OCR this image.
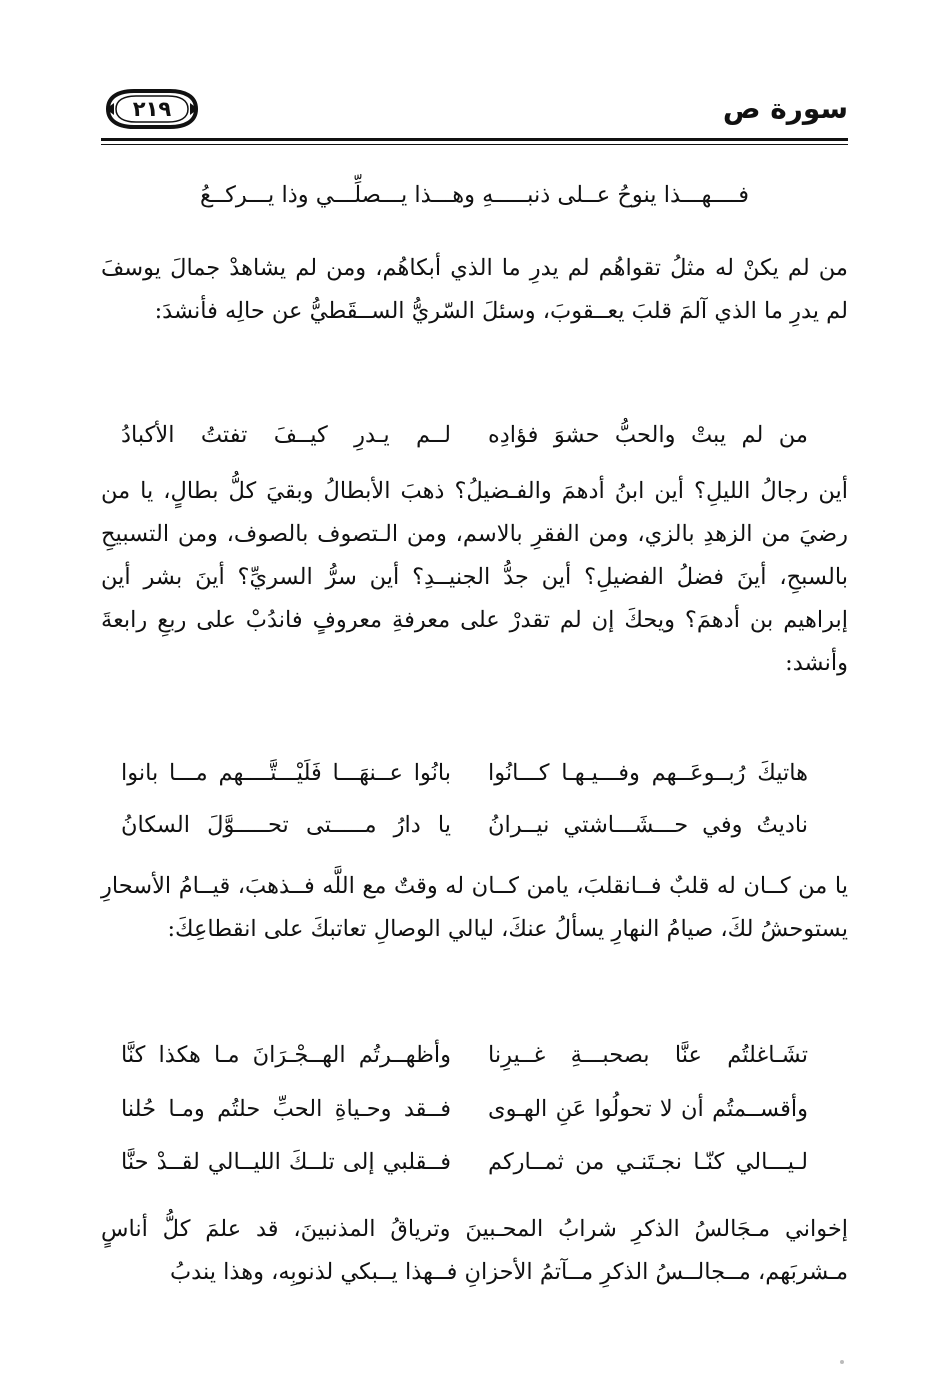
سورة ص
٢١٩
فــــهـــذا ينوحُ عــلى ذنبـــــهِ وهـــذا يـــصلِّـــي وذا يـــركــعُ
من لم يكنْ له مثلُ تقواهُم لم يدرِ ما الذي أبكاهُم، ومن لم يشاهدْ جمالَ يوسفَ لم يدرِ ما الذي آلمَ قلبَ يعــقوبَ، وسئلَ السّريُّ الســقَطيُّ عن حالِه فأنشدَ:
من لم يبتْ والحبُّ حشوَ فؤادِه
لــم يـدرِ كيــفَ تفتتُ الأكبادُ
أين رجالُ الليلِ؟ أين ابنُ أدهمَ والفـضيلُ؟ ذهبَ الأبطالُ وبقيَ كلُّ بطالٍ، يا من رضيَ من الزهدِ بالزي، ومن الفقرِ بالاسم، ومن الـتصوف بالصوف، ومن التسبيحِ بالسبحِ، أينَ فضلُ الفضيلِ؟ أين جدُّ الجنيــدِ؟ أين سرُّ السريِّ؟ أينَ بشر أين إبراهيم بن أدهمَ؟ ويحكَ إن لم تقدرْ على معرفةِ معروفٍ فاندُبْ على ربعِ رابعةَ وأنشد:
هاتيكَ رُبــوعَــهم وفـــيـهـا كـــانُوا
بانُوا عــنهَـــا فَلَيْـــتَّــــهم مـــا بانوا
ناديتُ وفي حـــشَـــاشتي نيــرانُ
يا دارُ مـــــتى تحـــــوَّلَ السكانُ
يا من كــان له قلبٌ فــانقلبَ، يامن كــان له وقتٌ مع اللَّه فــذهبَ، قيــامُ الأسحارِ يستوحشُ لكَ، صيامُ النهارِ يسألُ عنكَ، ليالي الوصالِ تعاتبكَ على انقطاعِكَ:
تشَـاغلتُم عنَّا بصحبـــةِ غــيرِنا
وأظهــرتُم الهــجْـرَانَ مـا هكذا كنَّا
وأقســمتُم أن لا تحولُوا عَنِ الهـوى
فــقد وحـياةِ الحبِّ حلتُم ومـا حُلنا
لـيـــالي كنّـا نجـتَنـي من ثمــاركم
فــقلبي إلى تلــكَ الليــالي لقــدْ حنَّا
إخواني مـجَالسُ الذكرِ شرابُ المحـبينَ وترياقُ المذنبينَ، قد علمَ كلُّ أناسٍ مـشربَهم، مــجالــسُ الذكرِ مــآتمُ الأحزانِ فــهذا يــبكي لذنوبِه، وهذا يندبُ
